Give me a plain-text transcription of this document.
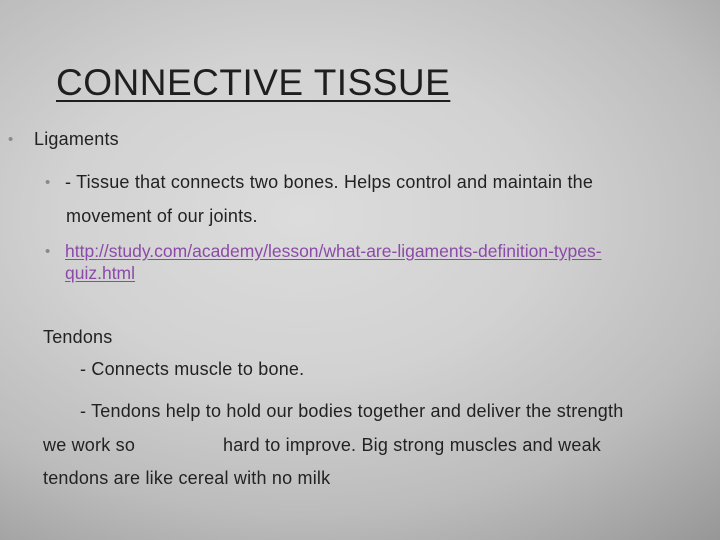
CONNECTIVE TISSUE
• Ligaments
• - Tissue that connects two bones. Helps control and maintain the
movement of our joints.
• http://study.com/academy/lesson/what-are-ligaments-definition-types-
quiz.html
Tendons
- Connects muscle to bone.
- Tendons help to hold our bodies together and deliver the strength
we work so	hard to improve. Big strong muscles and weak
tendons are like cereal with no milk
